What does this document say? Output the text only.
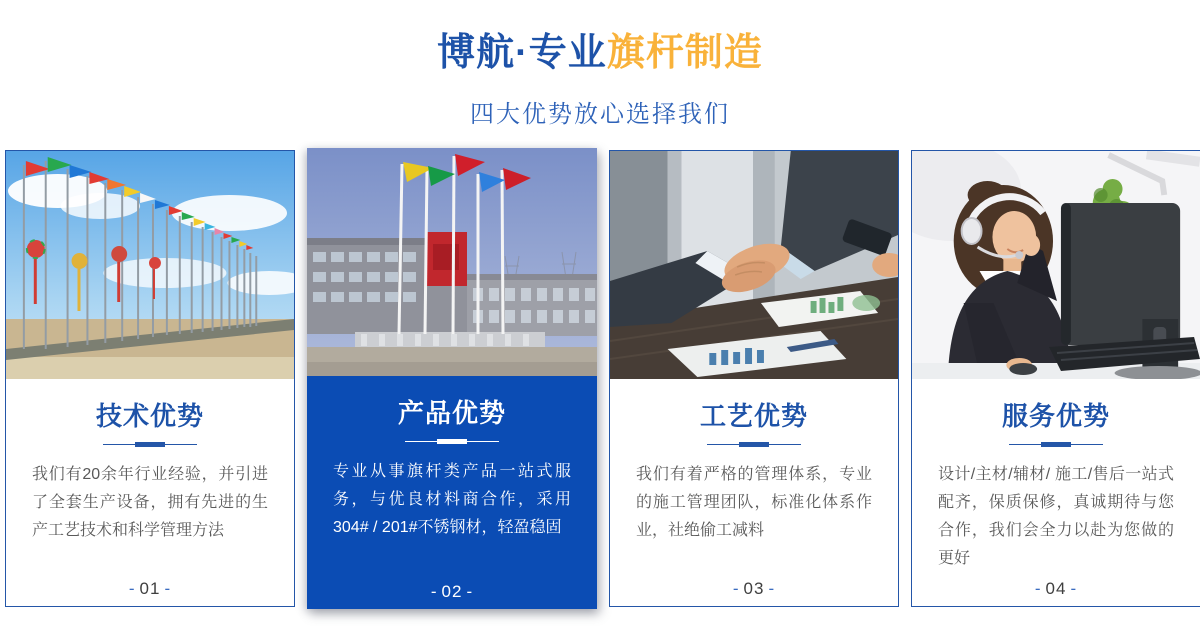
博航·专业旗杆制造
四大优势放心选择我们
技术优势

我们有20余年行业经验，并引进了全套生产设备，拥有先进的生产工艺技术和科学管理方法

- 01 -
产品优势

专业从事旗杆类产品一站式服务，与优良材料商合作，采用304# / 201#不锈钢材，轻盈稳固

- 02 -
工艺优势

我们有着严格的管理体系，专业的施工管理团队，标准化体系作业，社绝偷工减料

- 03 -
服务优势

设计/主材/辅材/ 施工/售后一站式配齐，保质保修，真诚期待与您合作，我们会全力以赴为您做的更好

- 04 -
